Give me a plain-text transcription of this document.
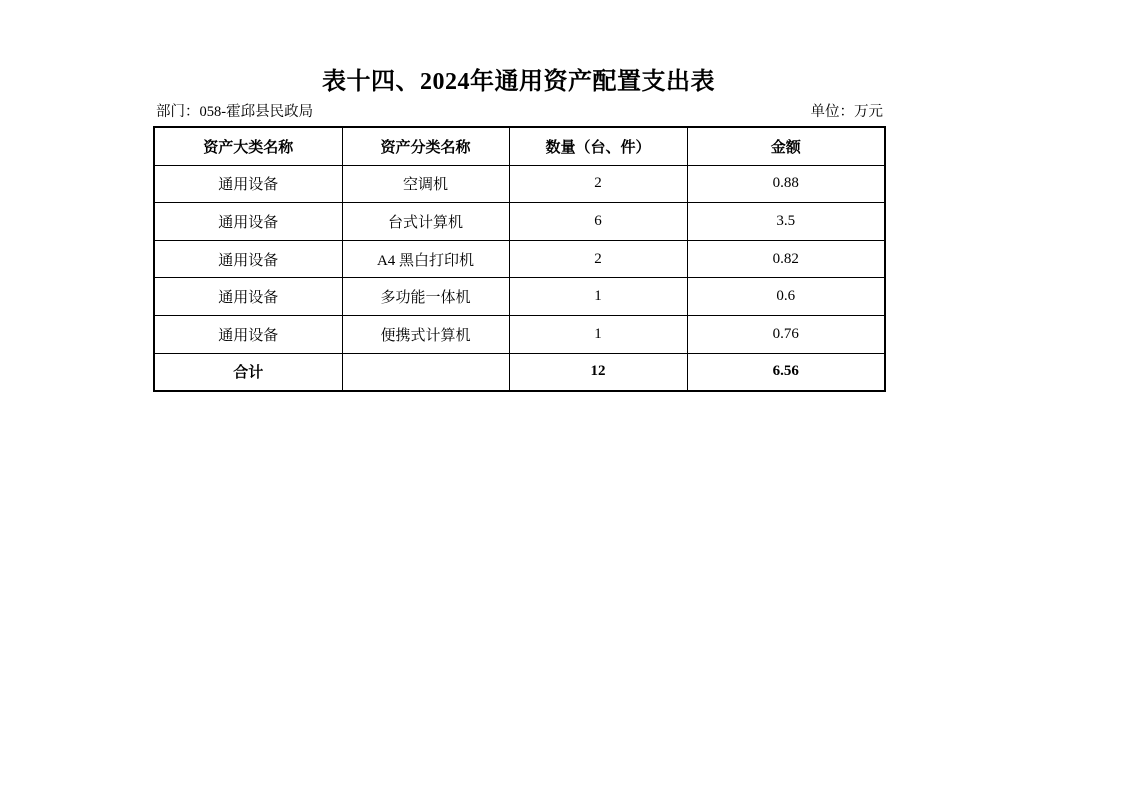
表十四、2024年通用资产配置支出表
部门：058-霍邱县民政局	单位：万元
资产大类名称	资产分类名称	数量（台、件）	金额
通用设备	空调机	2	0.88
通用设备	台式计算机	6	3.5
通用设备	A4 黑白打印机	2	0.82
通用设备	多功能一体机	1	0.6
通用设备	便携式计算机	1	0.76
合计		12	6.56
